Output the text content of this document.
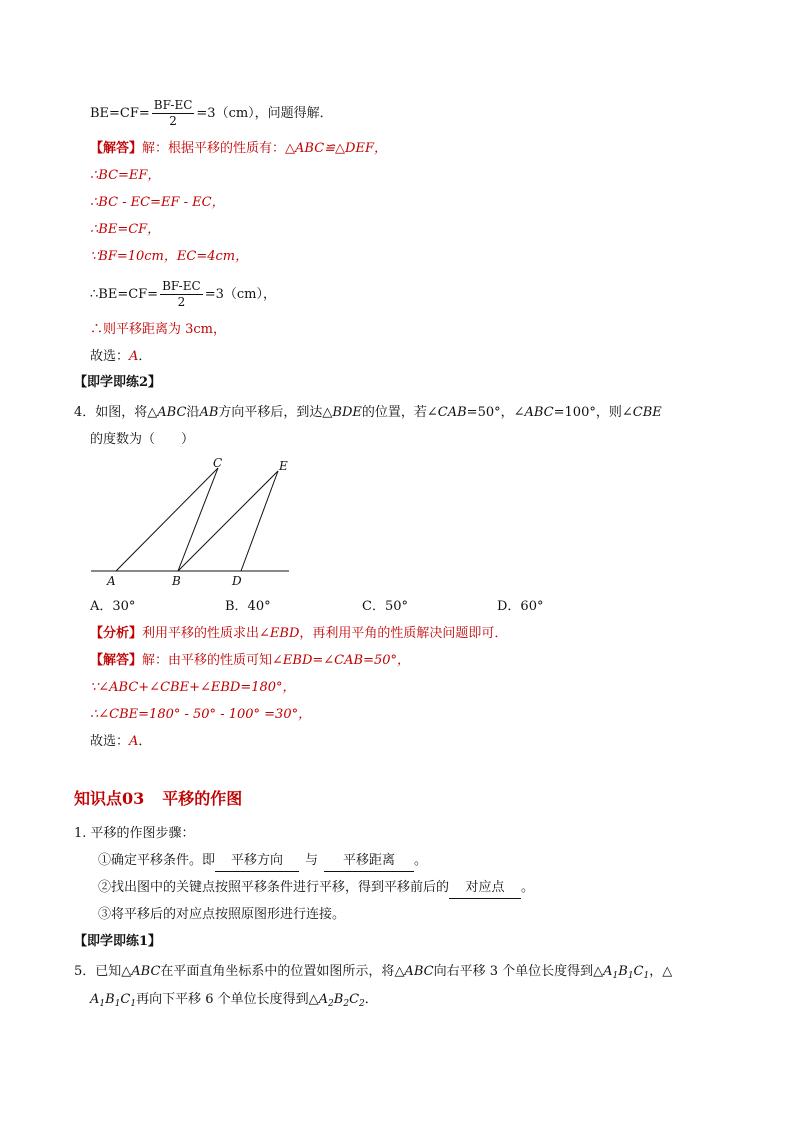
$BE=CF= \frac{BF-EC}{2} =3(cm)$，问题得解．
【解答】解：根据平移的性质有：△ABC≌△DEF，
∴BC=EF，
∴BC - EC=EF - EC，
∴BE=CF，
∵BF=10cm，EC=4cm，
∴BE=CF= $\frac{BF-EC}{2} =3(cm)$，
∴则平移距离为 3cm，
故选：A．
【即学即练2】
4．如图，将△ABC沿AB方向平移后，到达△BDE的位置，若∠CAB=50°，∠ABC=100°，则∠CBE
的度数为（　　）
C	E
A	B	D
A．30°	B．40°	C．50°	D．60°
【分析】利用平移的性质求出∠EBD，再利用平角的性质解决问题即可．
【解答】解：由平移的性质可知∠EBD=∠CAB=50°，
∵∠ABC+∠CBE+∠EBD=180°，
∴∠CBE=180° - 50° - 100° =30°，
故选：A．
知识点03 平移的作图
1. 平移的作图步骤：
①确定平移条件。即 平移方向 与 平移距离 。
②找出图中的关键点按照平移条件进行平移，得到平移前后的 对应点 。
③将平移后的对应点按照原图形进行连接。
【即学即练1】
5．已知△ABC在平面直角坐标系中的位置如图所示，将△ABC向右平移 3 个单位长度得到$\triangle A_1B_1C_1$，△
$A_1B_1C_1$再向下平移 6 个单位长度得到$\triangle A_2B_2C_2$．
